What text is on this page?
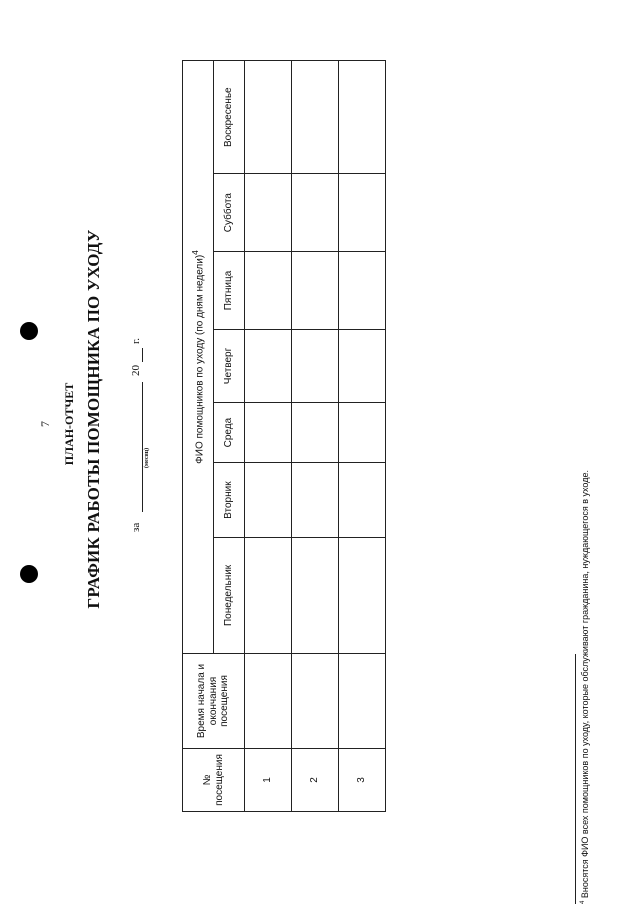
7 ПЛАН-ОТЧЕТ ГРАФИК РАБОТЫ ПОМОЩНИКА ПО УХОДУ за
(месяц)
20
г.
№ посещения	Время начала и окончания посещения	ФИО помощников по уходу (по дням недели)$^4$
		Понедельник	Вторник	Среда	Четверг	Пятница	Суббота	Воскресенье
1								
2								
3								
$^4$ Вносятся ФИО всех помощников по уходу, которые обслуживают гражданина, нуждающегося в уходе.
